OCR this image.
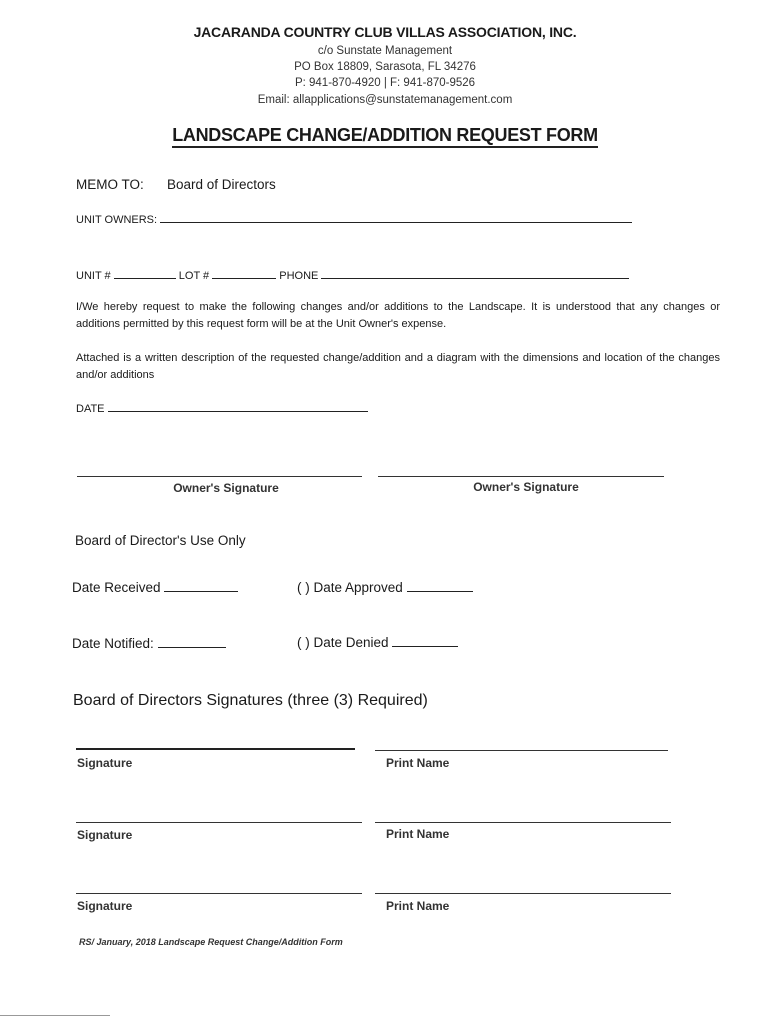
JACARANDA COUNTRY CLUB VILLAS ASSOCIATION, INC.
c/o Sunstate Management
PO Box 18809, Sarasota, FL 34276
P: 941-870-4920 | F: 941-870-9526
Email: allapplications@sunstatemanagement.com
LANDSCAPE CHANGE/ADDITION REQUEST FORM
MEMO TO: Board of Directors
UNIT OWNERS:
UNIT #	LOT #	PHONE
I/We hereby request to make the following changes and/or additions to the Landscape. It is understood that any changes or additions permitted by this request form will be at the Unit Owner's expense.
Attached is a written description of the requested change/addition and a diagram with the dimensions and location of the changes and/or additions
DATE
Owner's Signature	Owner's Signature
Board of Director's Use Only
Date Received	( ) Date Approved
Date Notified:	( ) Date Denied
Board of Directors Signatures (three (3) Required)
Signature	Print Name
Signature	Print Name
Signature	Print Name
RS/ January, 2018 Landscape Request Change/Addition Form
